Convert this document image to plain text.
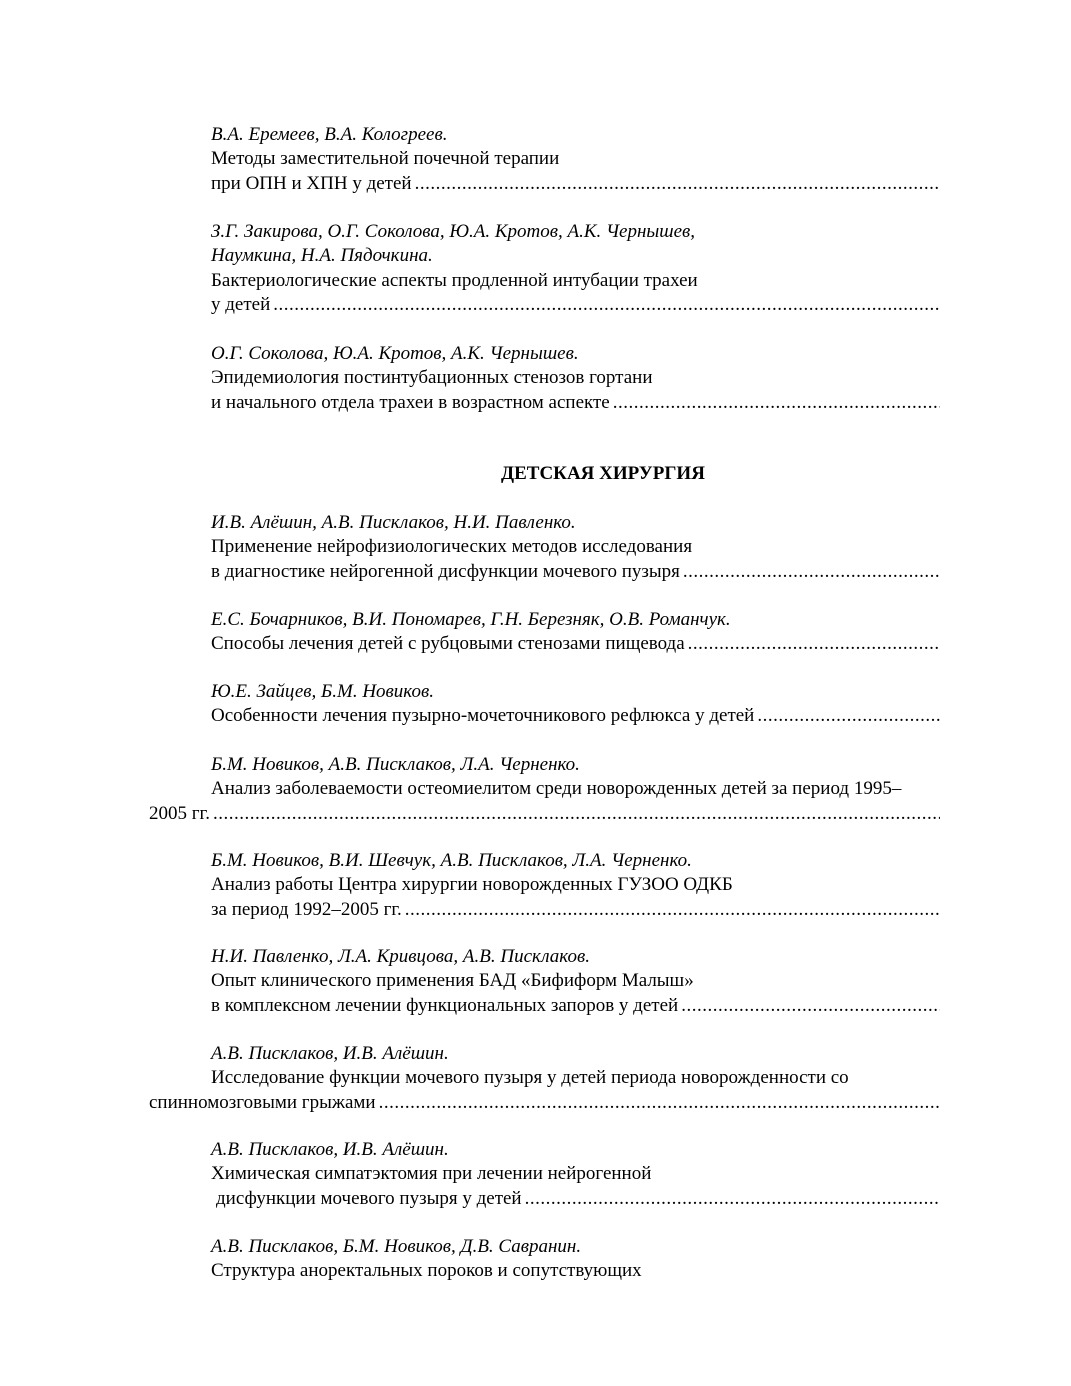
В.А. Еремеев, В.А. Кологреев.
Методы заместительной почечной терапии
при ОПН и ХПН у детей
.....
З.Г. Закирова, О.Г. Соколова, Ю.А. Кротов, А.К. Чернышев,
Наумкина, Н.А. Пядочкина.
Бактериологические аспекты продленной интубации трахеи
у детей
.....
О.Г. Соколова, Ю.А. Кротов, А.К. Чернышев.
Эпидемиология постинтубационных стенозов гортани
и начального отдела трахеи в возрастном аспекте
.....
ДЕТСКАЯ ХИРУРГИЯ
И.В. Алёшин, А.В. Писклаков, Н.И. Павленко.
Применение нейрофизиологических методов исследования
в диагностике нейрогенной дисфункции мочевого пузыря
.....
Е.С. Бочарников, В.И. Пономарев, Г.Н. Березняк, О.В. Романчук.
Способы лечения детей с рубцовыми стенозами пищевода
.....
Ю.Е. Зайцев, Б.М. Новиков.
Особенности лечения пузырно-мочеточникового рефлюкса у детей
.....
Б.М. Новиков, А.В. Писклаков, Л.А. Черненко.
Анализ заболеваемости остеомиелитом среди новорожденных детей за период 1995–
2005 гг.
.....
Б.М. Новиков, В.И. Шевчук, А.В. Писклаков, Л.А. Черненко.
Анализ работы Центра хирургии новорожденных ГУЗОО ОДКБ
за период 1992–2005 гг.
.....
Н.И. Павленко, Л.А. Кривцова, А.В. Писклаков.
Опыт клинического применения БАД «Бифиформ Малыш»
в комплексном лечении функциональных запоров у детей
.....
А.В. Писклаков, И.В. Алёшин.
Исследование функции мочевого пузыря у детей периода новорожденности со
спинномозговыми грыжами
.....
А.В. Писклаков, И.В. Алёшин.
Химическая симпатэктомия при лечении нейрогенной
дисфункции мочевого пузыря у детей
.....
А.В. Писклаков, Б.М. Новиков, Д.В. Савранин.
Структура аноректальных пороков и сопутствующих
